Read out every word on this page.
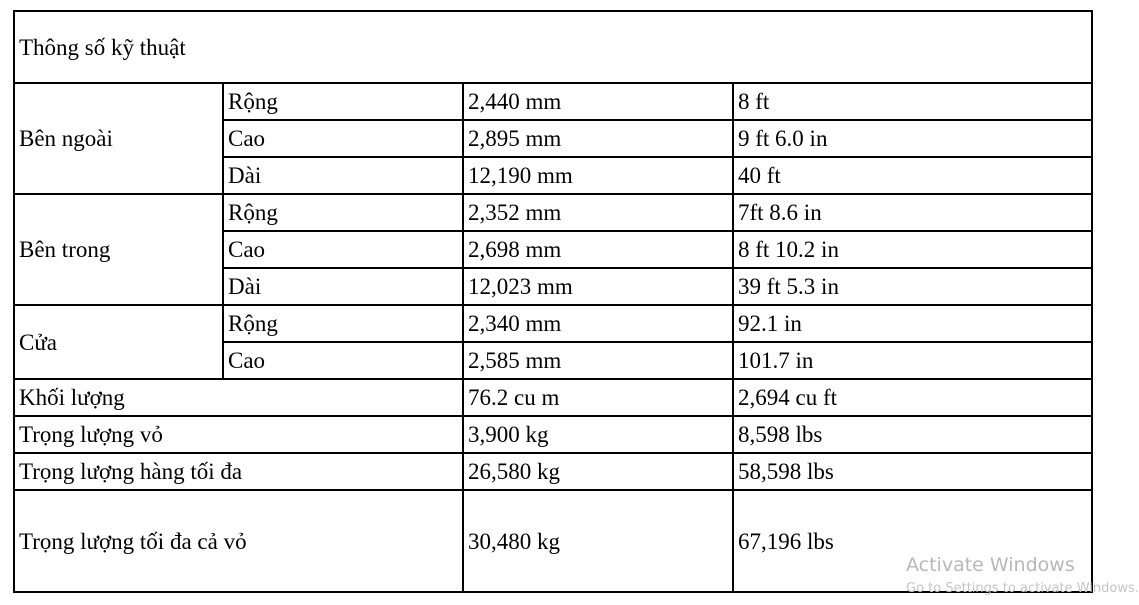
Thông số kỹ thuật			
Bên ngoài	Rộng	2,440 mm	8 ft
	Cao	2,895 mm	9 ft 6.0 in
	Dài	12,190 mm	40 ft
Bên trong	Rộng	2,352 mm	7ft 8.6 in
	Cao	2,698 mm	8 ft 10.2 in
	Dài	12,023 mm	39 ft 5.3 in
Cửa	Rộng	2,340 mm	92.1 in
	Cao	2,585 mm	101.7 in
Khối lượng		76.2 cu m	2,694 cu ft
Trọng lượng vỏ		3,900 kg	8,598 lbs
Trọng lượng hàng tối đa		26,580 kg	58,598 lbs
Trọng lượng tối đa cả vỏ		30,480 kg	67,196 lbs
Activate Windows
Go to Settings to activate Windows.
